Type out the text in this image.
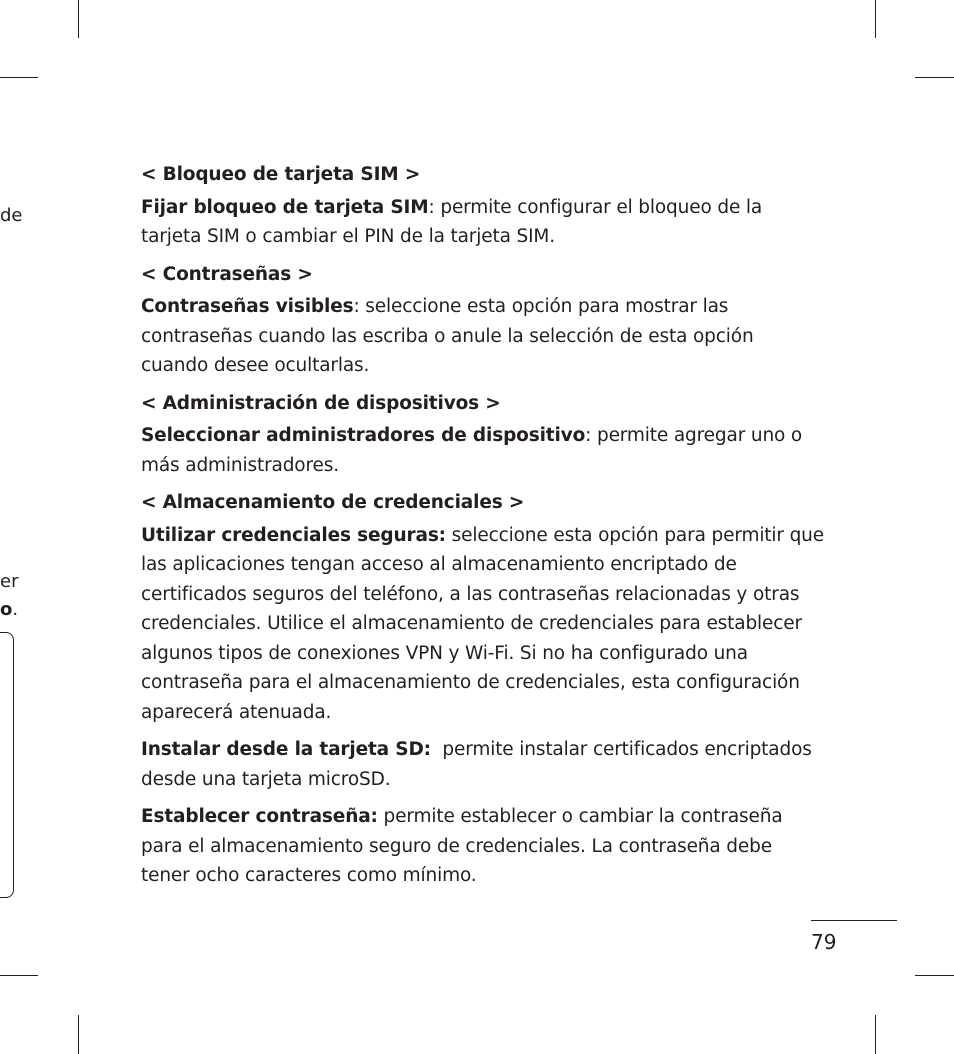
de
er
o.

< Bloqueo de tarjeta SIM >

Fijar bloqueo de tarjeta SIM: permite configurar el bloqueo de la tarjeta SIM o cambiar el PIN de la tarjeta SIM.

< Contraseñas >

Contraseñas visibles: seleccione esta opción para mostrar las contraseñas cuando las escriba o anule la selección de esta opción cuando desee ocultarlas.

< Administración de dispositivos >

Seleccionar administradores de dispositivo: permite agregar uno o más administradores.

< Almacenamiento de credenciales >

Utilizar credenciales seguras: seleccione esta opción para permitir que las aplicaciones tengan acceso al almacenamiento encriptado de certificados seguros del teléfono, a las contraseñas relacionadas y otras credenciales. Utilice el almacenamiento de credenciales para establecer algunos tipos de conexiones VPN y Wi-Fi. Si no ha configurado una contraseña para el almacenamiento de credenciales, esta configuración aparecerá atenuada.

Instalar desde la tarjeta SD:  permite instalar certificados encriptados desde una tarjeta microSD.

Establecer contraseña: permite establecer o cambiar la contraseña para el almacenamiento seguro de credenciales. La contraseña debe tener ocho caracteres como mínimo.

79
